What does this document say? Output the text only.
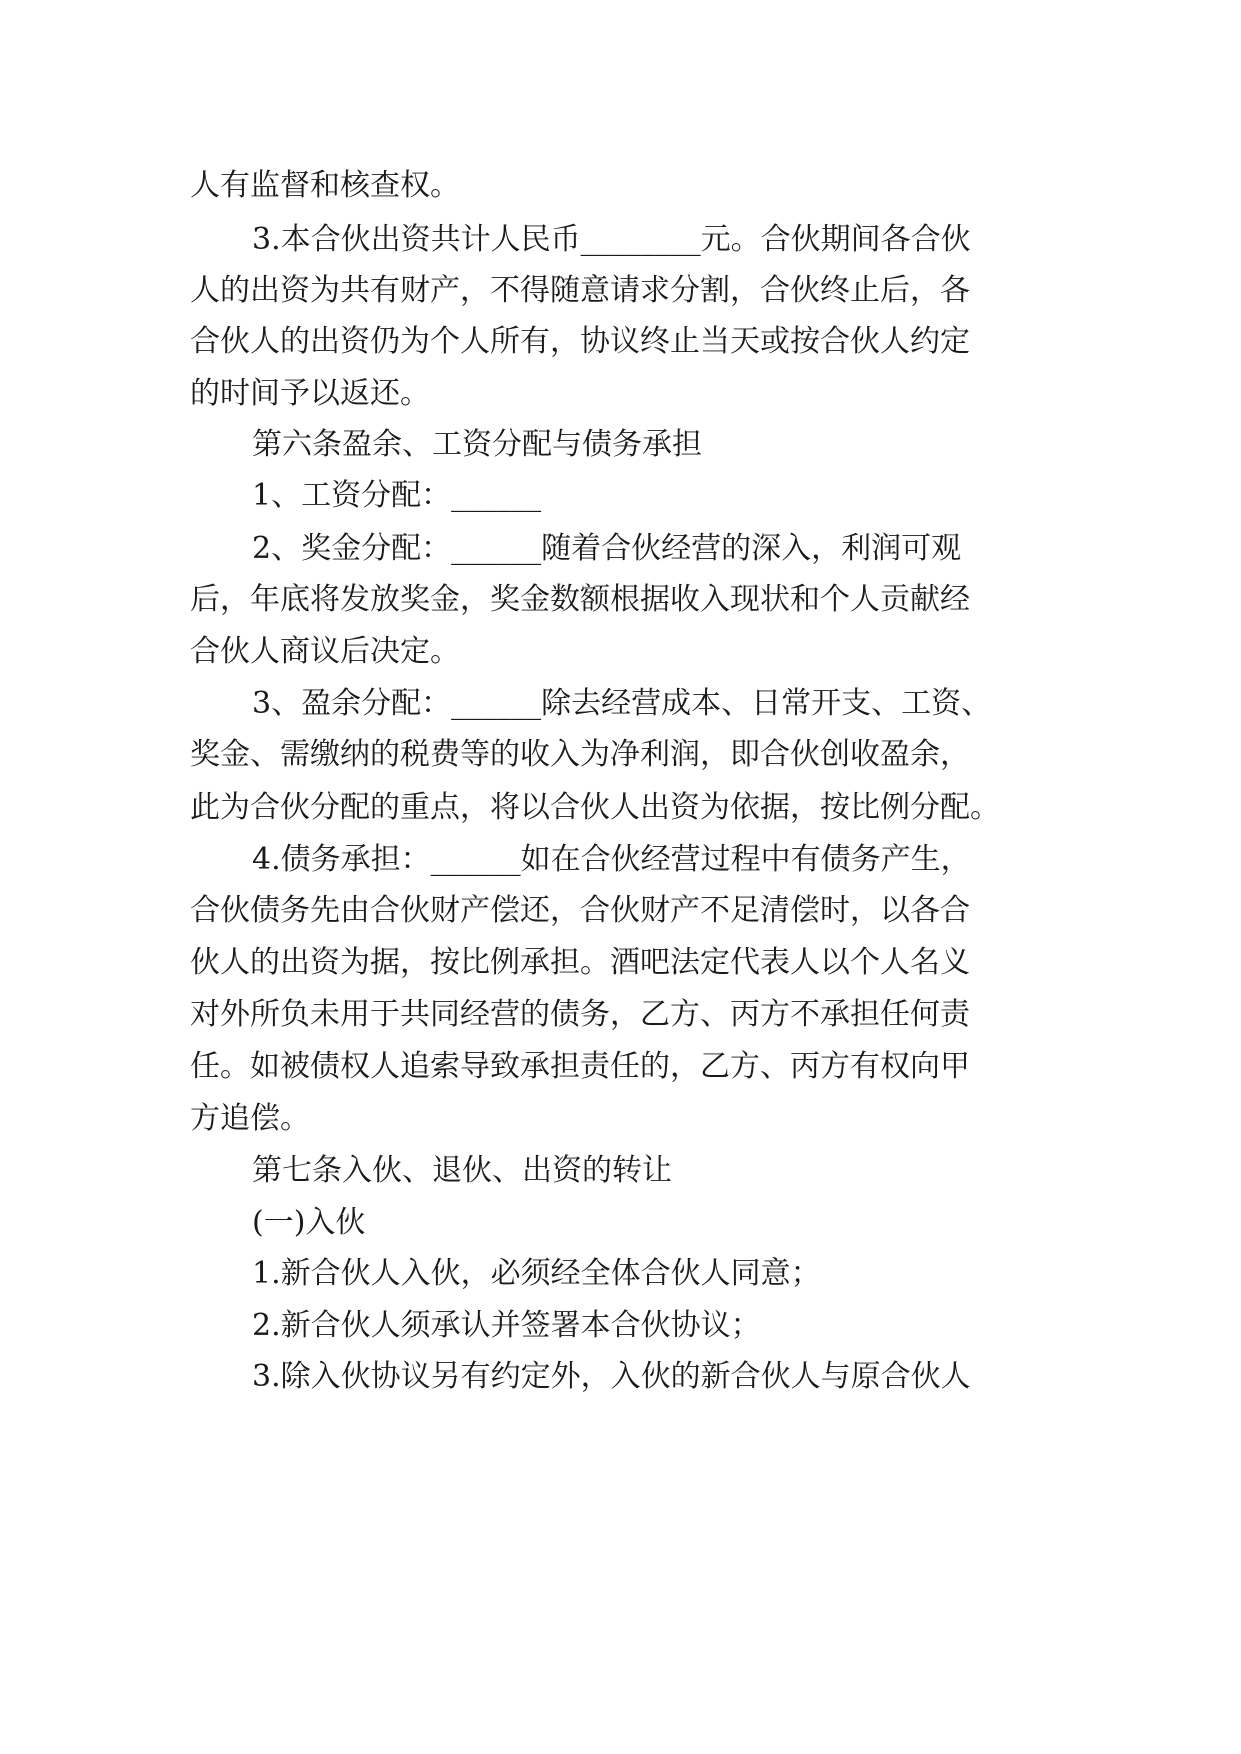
人有监督和核查权。
3.本合伙出资共计人民币________元。合伙期间各合伙
人的出资为共有财产，不得随意请求分割，合伙终止后，各
合伙人的出资仍为个人所有，协议终止当天或按合伙人约定
的时间予以返还。
第六条盈余、工资分配与债务承担
1、工资分配：______
2、奖金分配：______随着合伙经营的深入，利润可观
后，年底将发放奖金，奖金数额根据收入现状和个人贡献经
合伙人商议后决定。
3、盈余分配：______除去经营成本、日常开支、工资、
奖金、需缴纳的税费等的收入为净利润，即合伙创收盈余，
此为合伙分配的重点，将以合伙人出资为依据，按比例分配。
4.债务承担：______如在合伙经营过程中有债务产生，
合伙债务先由合伙财产偿还，合伙财产不足清偿时，以各合
伙人的出资为据，按比例承担。酒吧法定代表人以个人名义
对外所负未用于共同经营的债务，乙方、丙方不承担任何责
任。如被债权人追索导致承担责任的，乙方、丙方有权向甲
方追偿。
第七条入伙、退伙、出资的转让
(一)入伙
1.新合伙人入伙，必须经全体合伙人同意；
2.新合伙人须承认并签署本合伙协议；
3.除入伙协议另有约定外，入伙的新合伙人与原合伙人
